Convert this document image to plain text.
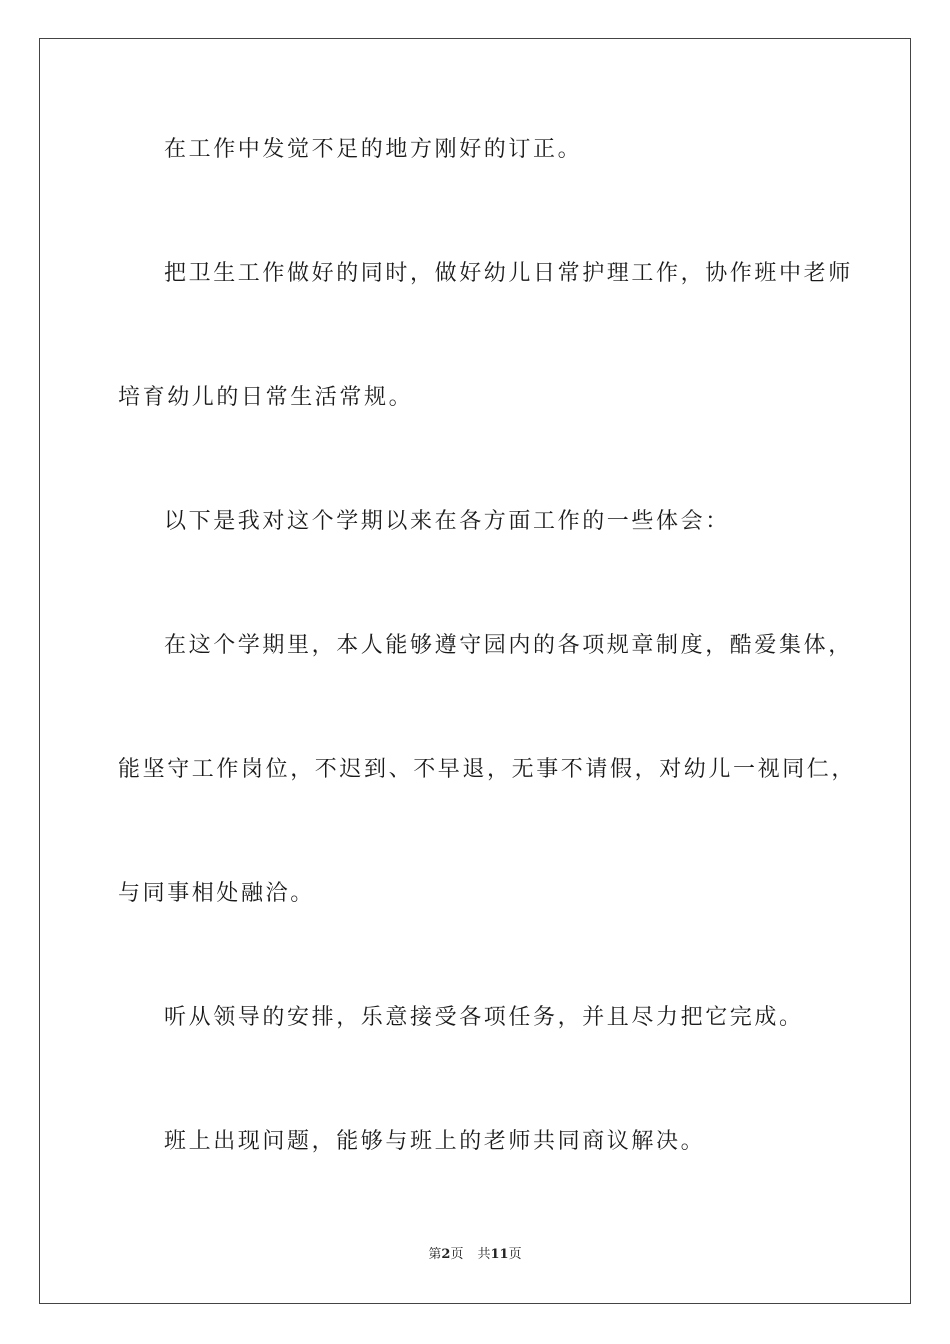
在工作中发觉不足的地方刚好的订正。
把卫生工作做好的同时，做好幼儿日常护理工作，协作班中老师
培育幼儿的日常生活常规。
以下是我对这个学期以来在各方面工作的一些体会：
在这个学期里，本人能够遵守园内的各项规章制度，酷爱集体，
能坚守工作岗位，不迟到、不早退，无事不请假，对幼儿一视同仁，
与同事相处融洽。
听从领导的安排，乐意接受各项任务，并且尽力把它完成。
班上出现问题，能够与班上的老师共同商议解决。
第2页 共11页
